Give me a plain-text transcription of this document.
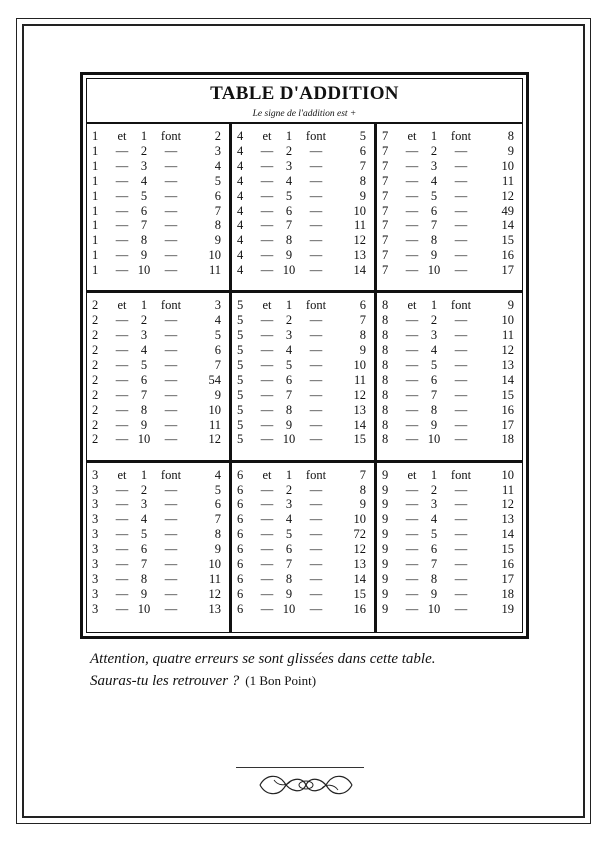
TABLE D'ADDITION
Le signe de l'addition est +
1	et	1	font	2
1	—	2	—	3
1	—	3	—	4
1	—	4	—	5
1	—	5	—	6
1	—	6	—	7
1	—	7	—	8
1	—	8	—	9
1	—	9	—	10
1	— 10	—	11
4	et	1	font	5
4	—	2	—	6
4	—	3	—	7
4	—	4	—	8
4	—	5	—	9
4	—	6	—	10
4	—	7	—	11
4	—	8	—	12
4	—	9	—	13
4	— 10	—	14
7	et	1	font	8
7	—	2	—	9
7	—	3	—	10
7	—	4	—	11
7	—	5	—	12
7	—	6	—	49
7	—	7	—	14
7	—	8	—	15
7	—	9	—	16
7	— 10	—	17
2	et	1	font	3
2	—	2	—	4
2	—	3	—	5
2	—	4	—	6
2	—	5	—	7
2	—	6	—	54
2	—	7	—	9
2	—	8	—	10
2	—	9	—	11
2	— 10	—	12
5	et	1	font	6
5	—	2	—	7
5	—	3	—	8
5	—	4	—	9
5	—	5	—	10
5	—	6	—	11
5	—	7	—	12
5	—	8	—	13
5	—	9	—	14
5	— 10	—	15
8	et	1	font	9
8	—	2	—	10
8	—	3	—	11
8	—	4	—	12
8	—	5	—	13
8	—	6	—	14
8	—	7	—	15
8	—	8	—	16
8	—	9	—	17
8	— 10	—	18
3	et	1	font	4
3	—	2	—	5
3	—	3	—	6
3	—	4	—	7
3	—	5	—	8
3	—	6	—	9
3	—	7	—	10
3	—	8	—	11
3	—	9	—	12
3	— 10	—	13
6	et	1	font	7
6	—	2	—	8
6	—	3	—	9
6	—	4	—	10
6	—	5	—	72
6	—	6	—	12
6	—	7	—	13
6	—	8	—	14
6	—	9	—	15
6	— 10	—	16
9	et	1	font	10
9	—	2	—	11
9	—	3	—	12
9	—	4	—	13
9	—	5	—	14
9	—	6	—	15
9	—	7	—	16
9	—	8	—	17
9	—	9	—	18
9	— 10	—	19
Attention, quatre erreurs se sont glissées dans cette table.
Sauras-tu les retrouver ? (1 Bon Point)
